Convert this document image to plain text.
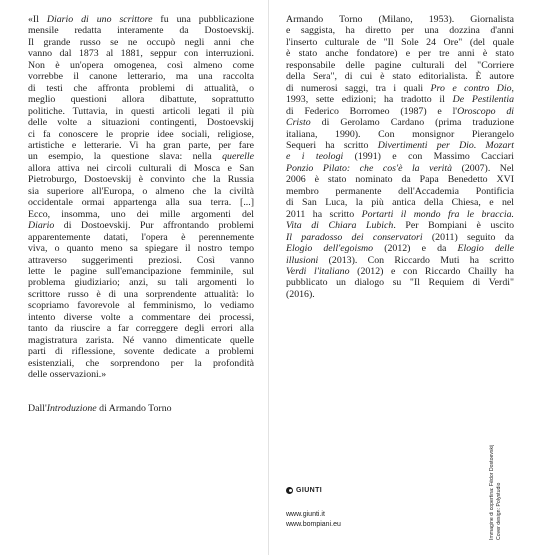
«Il Diario di uno scrittore fu una pubblicazione
mensile redatta interamente da Dostoevskij.
Il grande russo se ne occupò negli anni che
vanno dal 1873 al 1881, seppur con interruzioni.
Non è un'opera omogenea, così almeno come
vorrebbe il canone letterario, ma una raccolta
di testi che affronta problemi di attualità, o
meglio questioni allora dibattute, soprattutto
politiche. Tuttavia, in questi articoli legati il più
delle volte a situazioni contingenti, Dostoevskij
ci fa conoscere le proprie idee sociali, religiose,
artistiche e letterarie. Vi ha gran parte, per fare
un esempio, la questione slava: nella querelle
allora attiva nei circoli culturali di Mosca e San
Pietroburgo, Dostoevskij è convinto che la Russia
sia superiore all'Europa, o almeno che la civiltà
occidentale ormai appartenga alla sua terra. [...]
Ecco, insomma, uno dei mille argomenti del
Diario di Dostoevskij. Pur affrontando problemi
apparentemente datati, l'opera è perennemente
viva, o quanto meno sa spiegare il nostro tempo
attraverso suggerimenti preziosi. Così vanno
lette le pagine sull'emancipazione femminile, sul
problema giudiziario; anzi, su tali argomenti lo
scrittore russo è di una sorprendente attualità: lo
scopriamo favorevole al femminismo, lo vediamo
intento diverse volte a commentare dei processi,
tanto da riuscire a far correggere degli errori alla
magistratura zarista. Né vanno dimenticate quelle
parti di riflessione, sovente dedicate a problemi
esistenziali, che sorprendono per la profondità
delle osservazioni.»
Dall'Introduzione di Armando Torno
Armando Torno (Milano, 1953). Giornalista
e saggista, ha diretto per una dozzina d'anni
l'inserto culturale de "Il Sole 24 Ore" (del quale
è stato anche fondatore) e per tre anni è stato
responsabile delle pagine culturali del "Corriere
della Sera", di cui è stato editorialista. È autore
di numerosi saggi, tra i quali Pro e contro Dio,
1993, sette edizioni; ha tradotto il De Pestilentia
di Federico Borromeo (1987) e l'Oroscopo di
Cristo di Gerolamo Cardano (prima traduzione
italiana, 1990). Con monsignor Pierangelo
Sequeri ha scritto Divertimenti per Dio. Mozart
e i teologi (1991) e con Massimo Cacciari
Ponzio Pilato: che cos'è la verità (2007). Nel
2006 è stato nominato da Papa Benedetto XVI
membro permanente dell'Accademia Pontificia
di San Luca, la più antica della Chiesa, e nel
2011 ha scritto Portarti il mondo fra le braccia.
Vita di Chiara Lubich. Per Bompiani è uscito
Il paradosso dei conservatori (2011) seguito da
Elogio dell'egoismo (2012) e da Elogio delle
illusioni (2013). Con Riccardo Muti ha scritto
Verdi l'italiano (2012) e con Riccardo Chailly ha
pubblicato un dialogo su "Il Requiem di Verdi"
(2016).
GIUNTI
www.giunti.it
www.bompiani.eu	Immagine di copertina: Fëdor Dostoevskij Cover design: Polystudio
